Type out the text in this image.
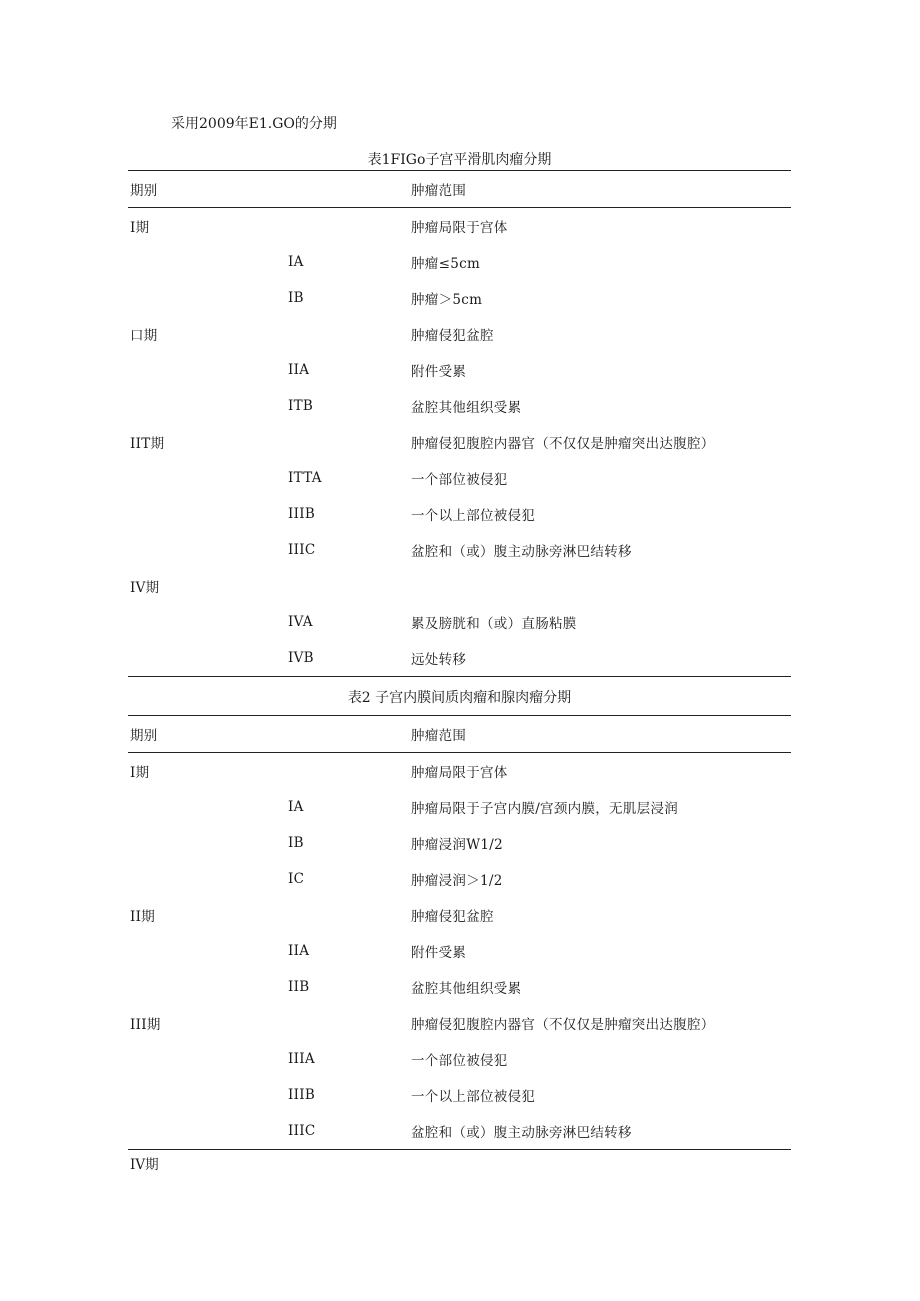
采用2009年E1.GO的分期
表1FIGo子宫平滑肌肉瘤分期
期别		肿瘤范围
I期		肿瘤局限于宫体
	IA	肿瘤≤5cm
	IB	肿瘤＞5cm
口期		肿瘤侵犯盆腔
	IIA	附件受累
	ITB	盆腔其他组织受累
IIT期		肿瘤侵犯腹腔内器官（不仅仅是肿瘤突出达腹腔）
	ITTA	一个部位被侵犯
	IIIB	一个以上部位被侵犯
	IIIC	盆腔和（或）腹主动脉旁淋巴结转移
IV期		
	IVA	累及膀胱和（或）直肠粘膜
	IVB	远处转移
表2 子宫内膜间质肉瘤和腺肉瘤分期
期别		肿瘤范围
I期		肿瘤局限于宫体
	IA	肿瘤局限于子宫内膜/宫颈内膜，无肌层浸润
	IB	肿瘤浸润W1/2
	IC	肿瘤浸润＞1/2
II期		肿瘤侵犯盆腔
	IIA	附件受累
	IIB	盆腔其他组织受累
III期		肿瘤侵犯腹腔内器官（不仅仅是肿瘤突出达腹腔）
	IIIA	一个部位被侵犯
	IIIB	一个以上部位被侵犯
	IIIC	盆腔和（或）腹主动脉旁淋巴结转移
IV期
